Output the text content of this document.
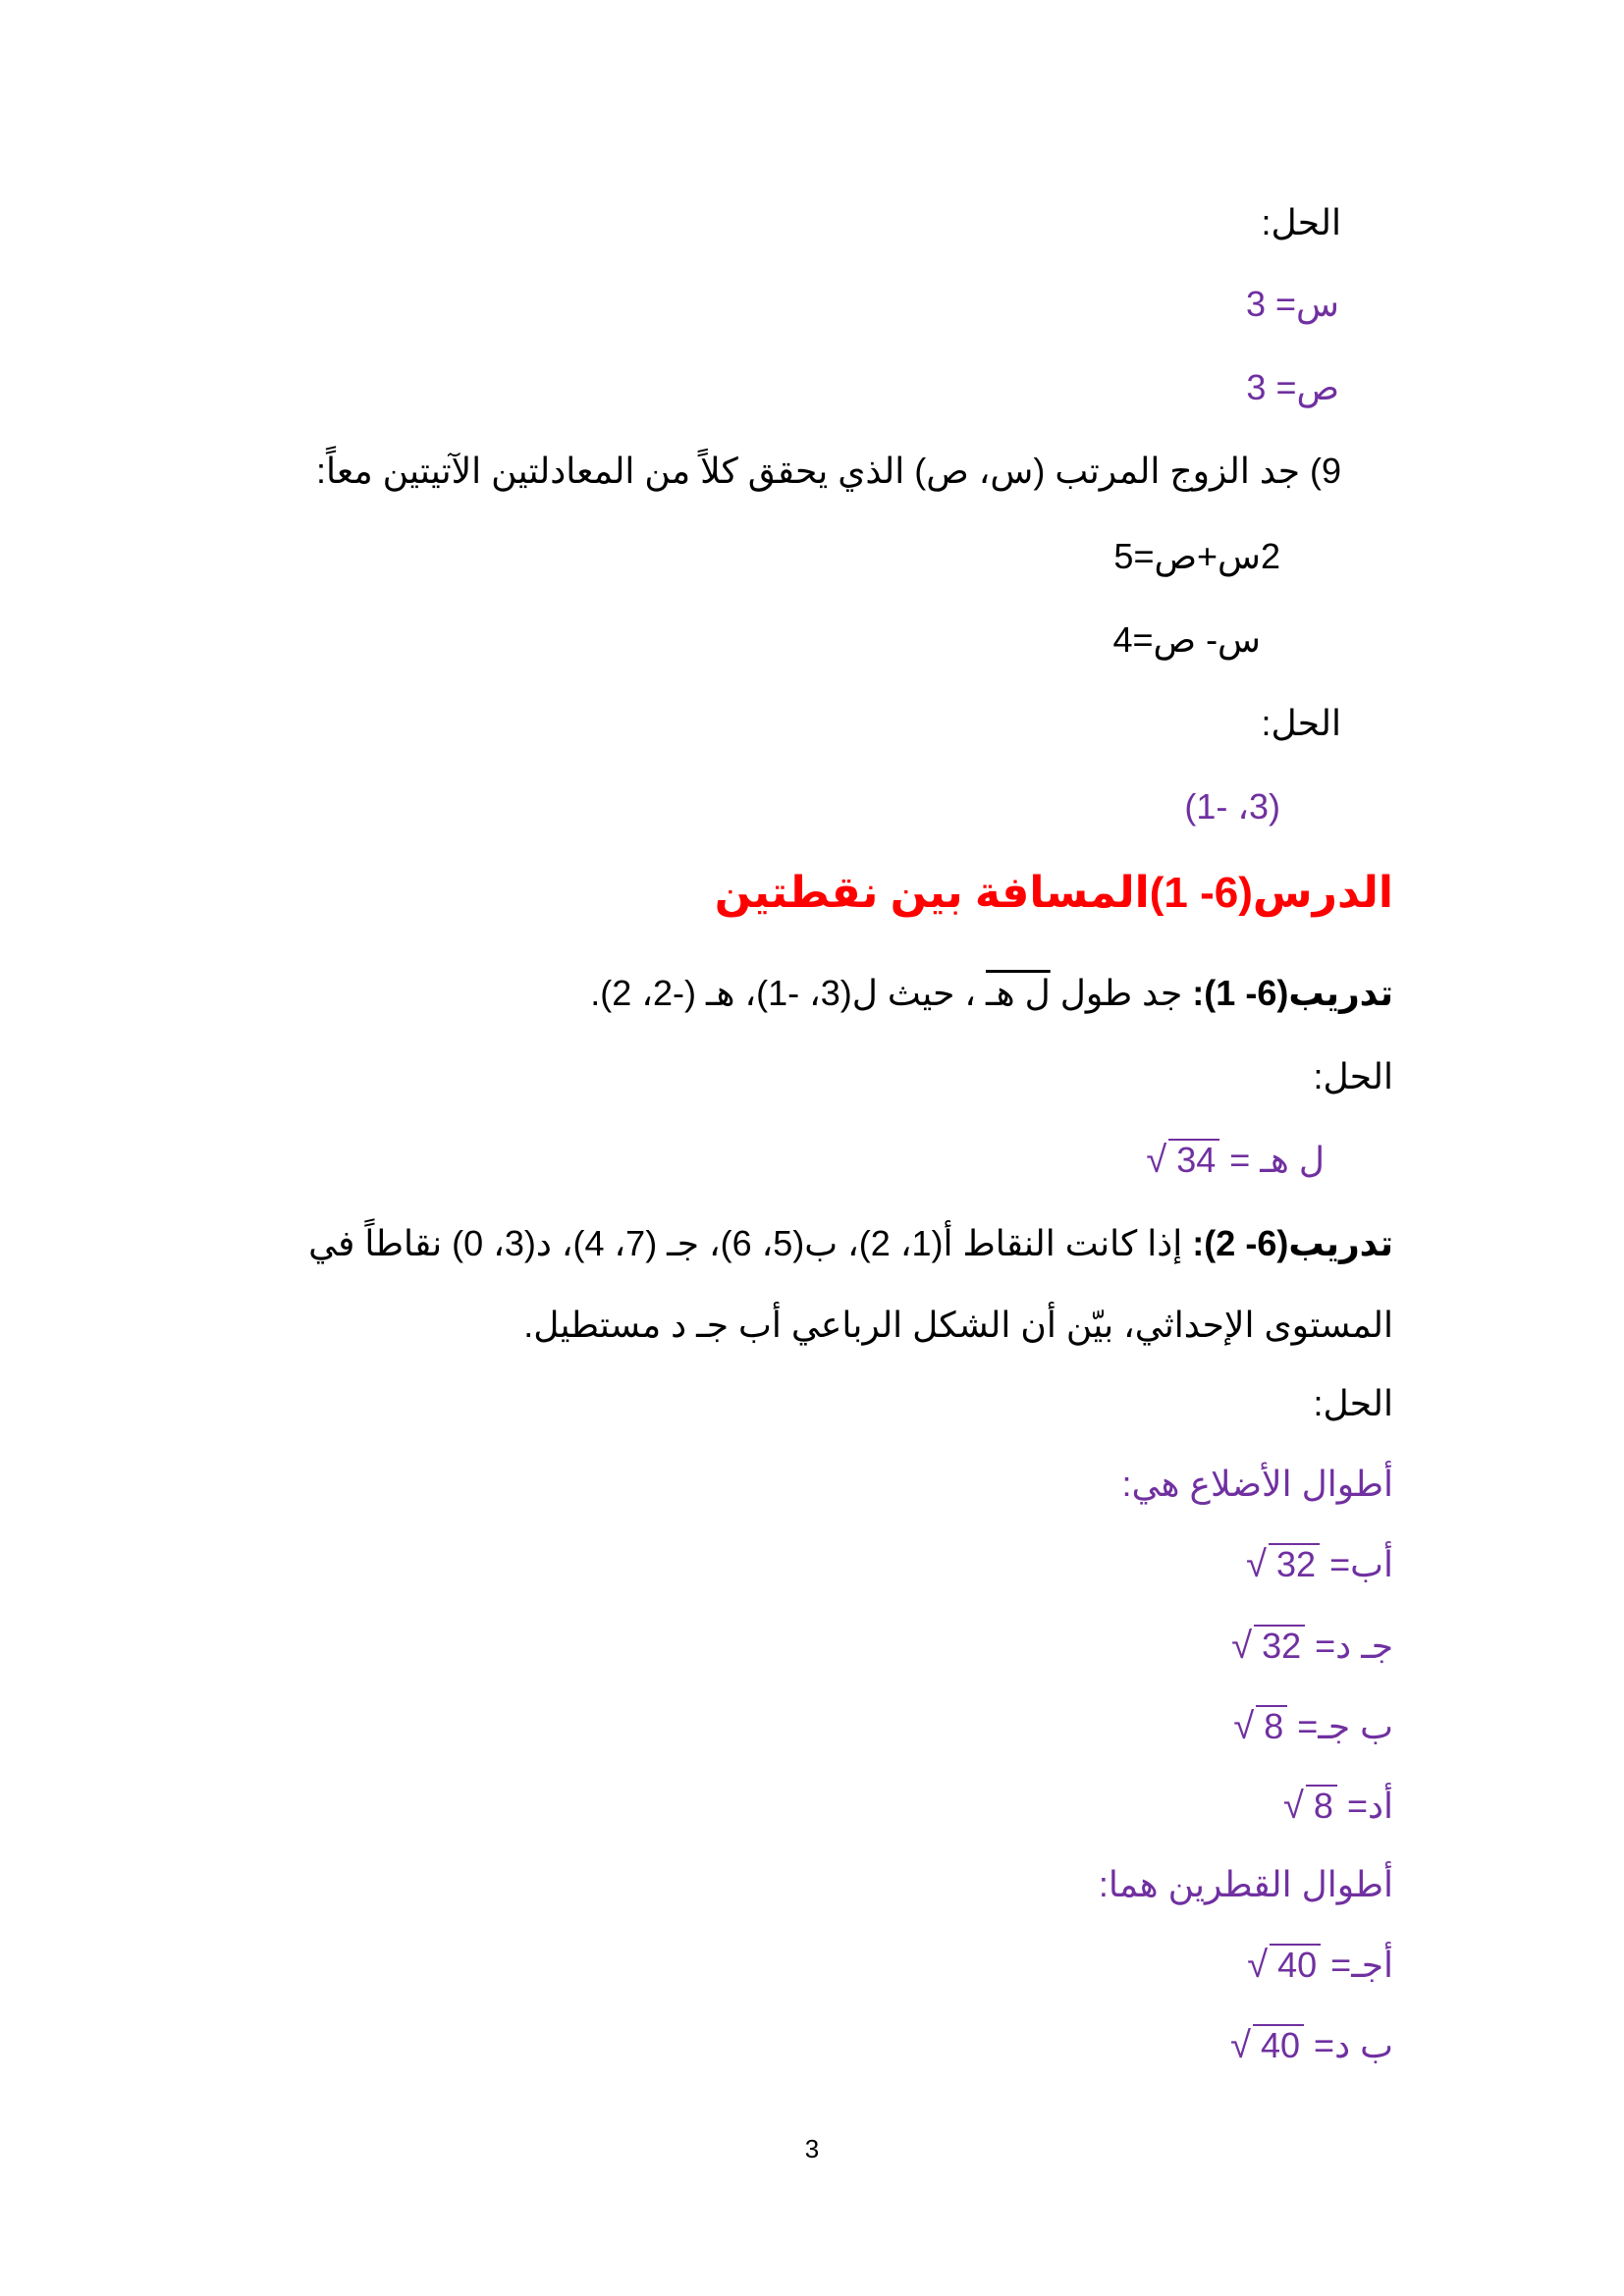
الحل:
س= 3
ص= 3
9) جد الزوج المرتب (س، ص) الذي يحقق كلاً من المعادلتين الآتيتين معاً:
2س+ص=5
س- ص=4
الحل:
(3، -1)
الدرس(6- 1)المسافة بين نقطتين
تدريب(6- 1): جد طول ل هـ ، حيث ل(3، -1)، هـ (-2، 2).
الحل:
ل هـ =
√ 34
تدريب(6- 2): إذا كانت النقاط أ(1، 2)، ب(5، 6)، جـ (7، 4)، د(3، 0) نقاطاً في
المستوى الإحداثي، بيّن أن الشكل الرباعي أب جـ د مستطيل.
الحل:
أطوال الأضلاع هي:
أب=
√ 32
جـ د=
√ 32
ب جـ=
√ 8
أد=
√ 8
أطوال القطرين هما:
أجـ=
√ 40
ب د=
√ 40
3
